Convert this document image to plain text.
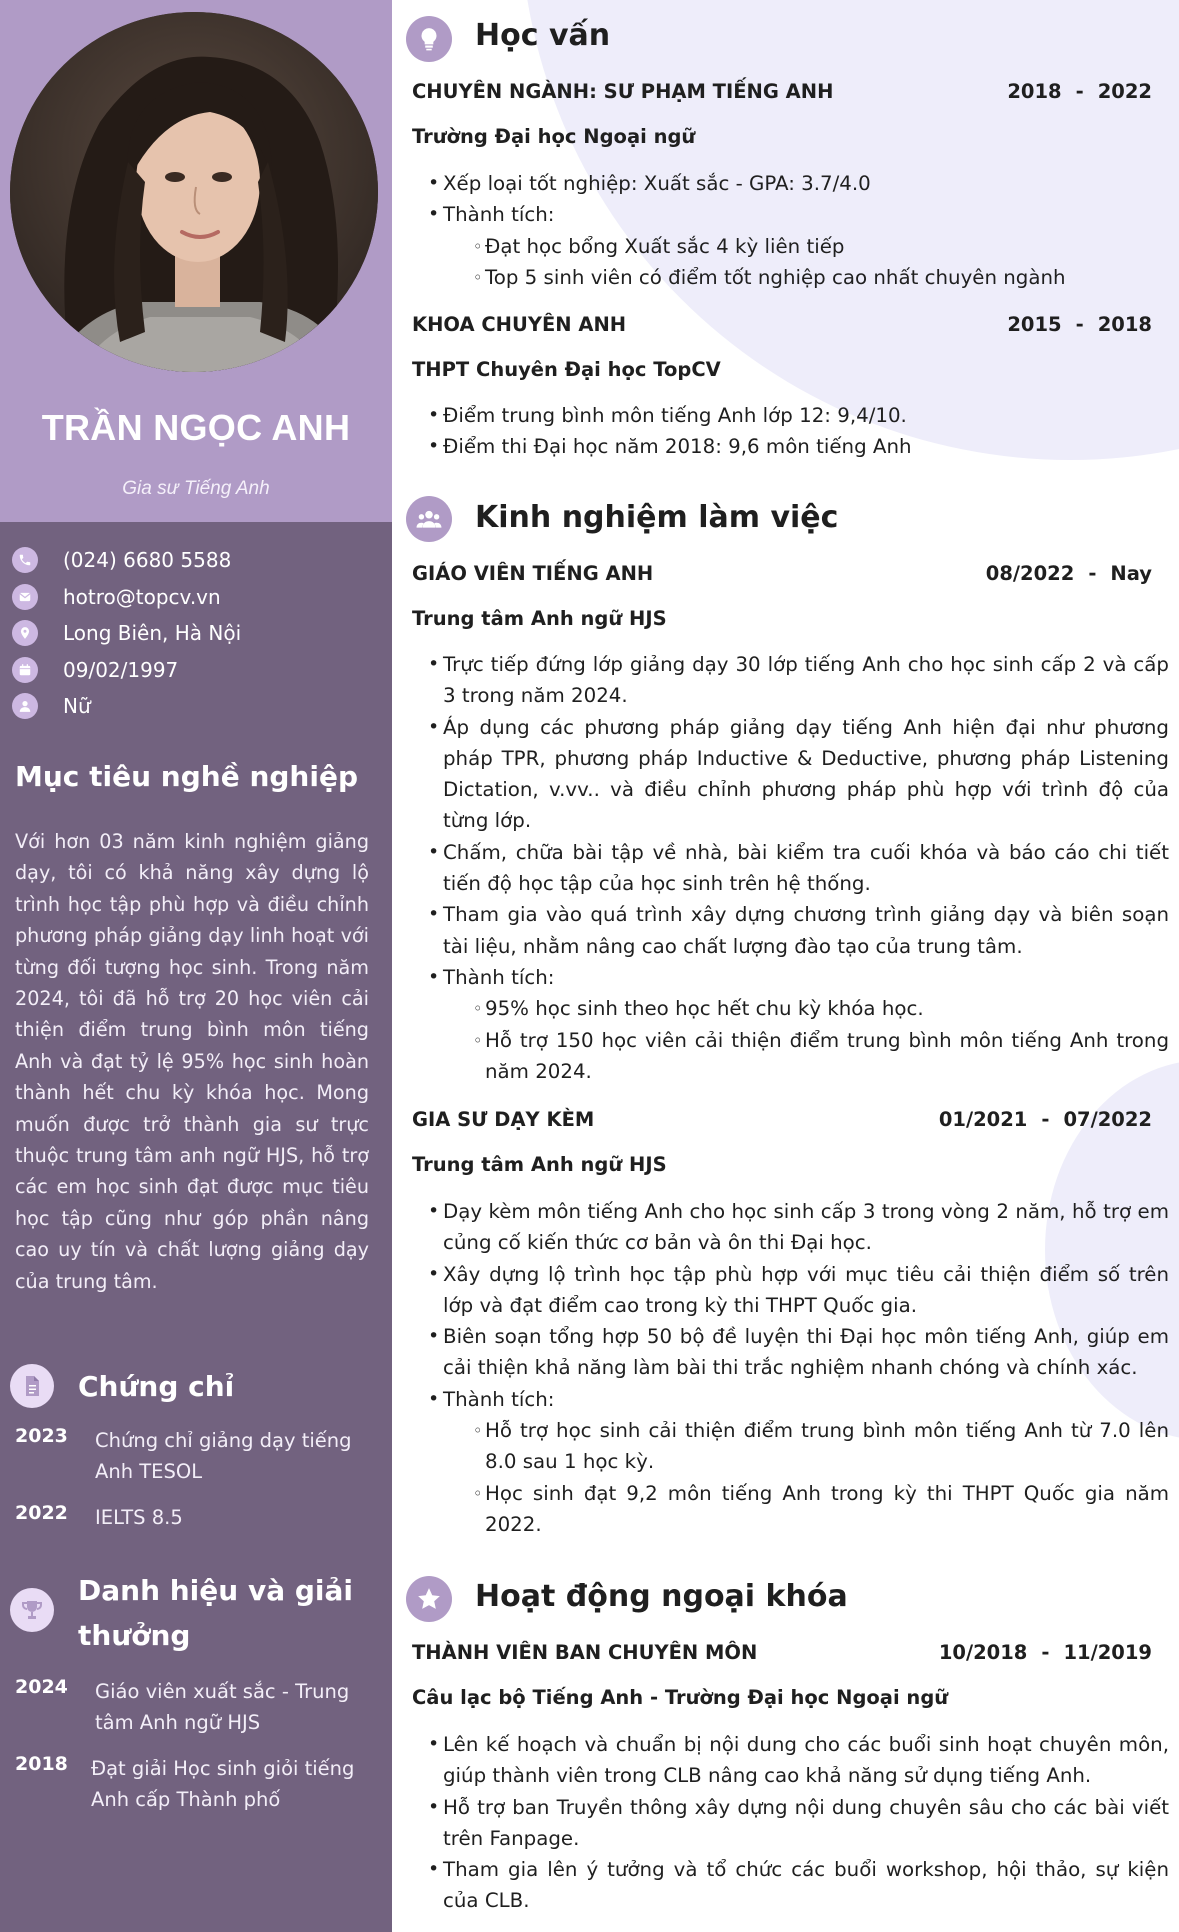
TRẦN NGỌC ANH
Gia sư Tiếng Anh
(024) 6680 5588
hotro@topcv.vn
Long Biên, Hà Nội
09/02/1997
Nữ
Mục tiêu nghề nghiệp

Với hơn 03 năm kinh nghiệm giảng dạy, tôi có khả năng xây dựng lộ trình học tập phù hợp và điều chỉnh phương pháp giảng dạy linh hoạt với từng đối tượng học sinh. Trong năm 2024, tôi đã hỗ trợ 20 học viên cải thiện điểm trung bình môn tiếng Anh và đạt tỷ lệ 95% học sinh hoàn thành hết chu kỳ khóa học. Mong muốn được trở thành gia sư trực thuộc trung tâm anh ngữ HJS, hỗ trợ các em học sinh đạt được mục tiêu học tập cũng như góp phần nâng cao uy tín và chất lượng giảng dạy của trung tâm.

Chứng chỉ
2023	Chứng chỉ giảng dạy tiếng Anh TESOL
2022	IELTS 8.5
Danh hiệu và giải thưởng
2024	Giáo viên xuất sắc - Trung tâm Anh ngữ HJS
2018	Đạt giải Học sinh giỏi tiếng Anh cấp Thành phố
Học vấn
CHUYÊN NGÀNH: SƯ PHẠM TIẾNG ANH	2018 - 2022
Trường Đại học Ngoại ngữ
• Xếp loại tốt nghiệp: Xuất sắc - GPA: 3.7/4.0
• Thành tích:
◦ Đạt học bổng Xuất sắc 4 kỳ liên tiếp
◦ Top 5 sinh viên có điểm tốt nghiệp cao nhất chuyên ngành
KHOA CHUYÊN ANH	2015 - 2018
THPT Chuyên Đại học TopCV
• Điểm trung bình môn tiếng Anh lớp 12: 9,4/10.
• Điểm thi Đại học năm 2018: 9,6 môn tiếng Anh
Kinh nghiệm làm việc
GIÁO VIÊN TIẾNG ANH	08/2022 - Nay
Trung tâm Anh ngữ HJS
• Trực tiếp đứng lớp giảng dạy 30 lớp tiếng Anh cho học sinh cấp 2 và cấp 3 trong năm 2024.
• Áp dụng các phương pháp giảng dạy tiếng Anh hiện đại như phương pháp TPR, phương pháp Inductive & Deductive, phương pháp Listening Dictation, v.vv.. và điều chỉnh phương pháp phù hợp với trình độ của từng lớp.
• Chấm, chữa bài tập về nhà, bài kiểm tra cuối khóa và báo cáo chi tiết tiến độ học tập của học sinh trên hệ thống.
• Tham gia vào quá trình xây dựng chương trình giảng dạy và biên soạn tài liệu, nhằm nâng cao chất lượng đào tạo của trung tâm.
• Thành tích:
◦ 95% học sinh theo học hết chu kỳ khóa học.
◦ Hỗ trợ 150 học viên cải thiện điểm trung bình môn tiếng Anh trong năm 2024.
GIA SƯ DẠY KÈM	01/2021 - 07/2022
Trung tâm Anh ngữ HJS
• Dạy kèm môn tiếng Anh cho học sinh cấp 3 trong vòng 2 năm, hỗ trợ em củng cố kiến thức cơ bản và ôn thi Đại học.
• Xây dựng lộ trình học tập phù hợp với mục tiêu cải thiện điểm số trên lớp và đạt điểm cao trong kỳ thi THPT Quốc gia.
• Biên soạn tổng hợp 50 bộ đề luyện thi Đại học môn tiếng Anh, giúp em cải thiện khả năng làm bài thi trắc nghiệm nhanh chóng và chính xác.
• Thành tích:
◦ Hỗ trợ học sinh cải thiện điểm trung bình môn tiếng Anh từ 7.0 lên 8.0 sau 1 học kỳ.
◦ Học sinh đạt 9,2 môn tiếng Anh trong kỳ thi THPT Quốc gia năm 2022.
Hoạt động ngoại khóa
THÀNH VIÊN BAN CHUYÊN MÔN	10/2018 - 11/2019
Câu lạc bộ Tiếng Anh - Trường Đại học Ngoại ngữ
• Lên kế hoạch và chuẩn bị nội dung cho các buổi sinh hoạt chuyên môn, giúp thành viên trong CLB nâng cao khả năng sử dụng tiếng Anh.
• Hỗ trợ ban Truyền thông xây dựng nội dung chuyên sâu cho các bài viết trên Fanpage.
• Tham gia lên ý tưởng và tổ chức các buổi workshop, hội thảo, sự kiện của CLB.
